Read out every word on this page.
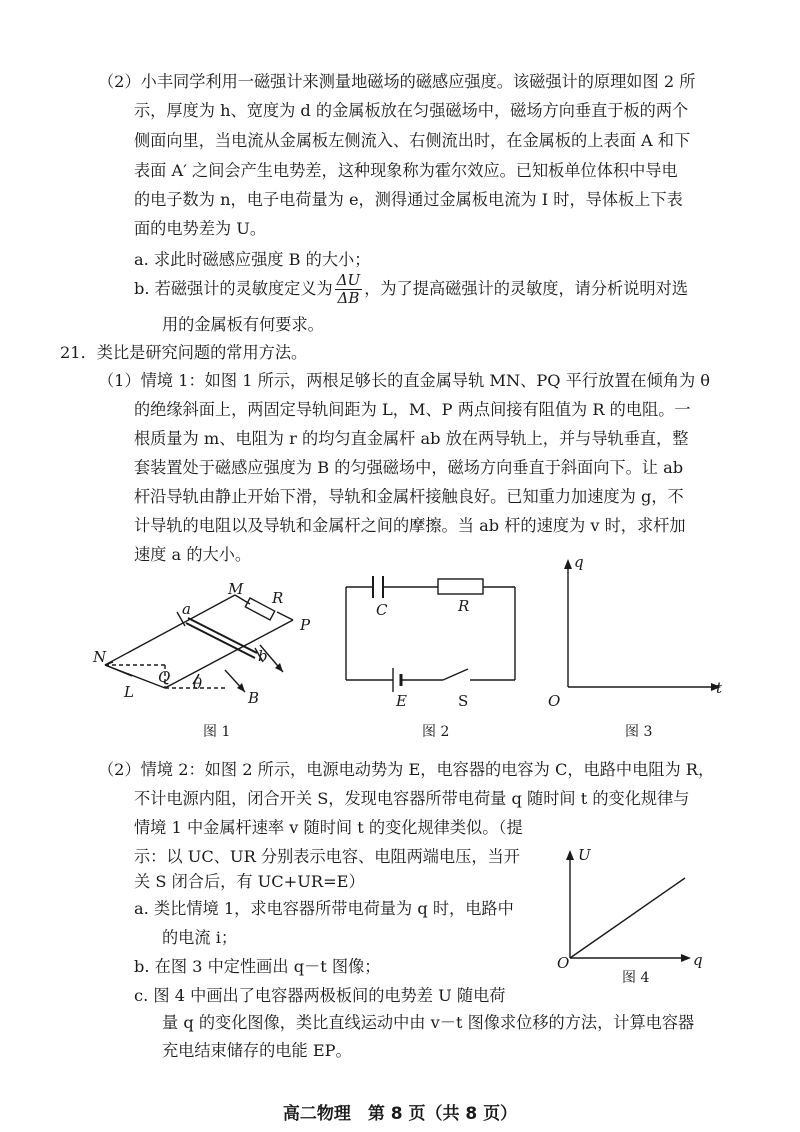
（2）小丰同学利用一磁强计来测量地磁场的磁感应强度。该磁强计的原理如图 2 所
示，厚度为 h、宽度为 d 的金属板放在匀强磁场中，磁场方向垂直于板的两个
侧面向里，当电流从金属板左侧流入、右侧流出时，在金属板的上表面 A 和下
表面 A′ 之间会产生电势差，这种现象称为霍尔效应。已知板单位体积中导电
的电子数为 n，电子电荷量为 e，测得通过金属板电流为 I 时，导体板上下表
面的电势差为 U。
a. 求此时磁感应强度 B 的大小；
b. 若磁强计的灵敏度定义为 $\frac{\Delta U}{\Delta B}$ ，为了提高磁强计的灵敏度，请分析说明对选
用的金属板有何要求。
21．类比是研究问题的常用方法。
（1）情境 1：如图 1 所示，两根足够长的直金属导轨 MN、PQ 平行放置在倾角为 θ
的绝缘斜面上，两固定导轨间距为 L，M、P 两点间接有阻值为 R 的电阻。一
根质量为 m、电阻为 r 的均匀直金属杆 ab 放在两导轨上，并与导轨垂直，整
套装置处于磁感应强度为 B 的匀强磁场中，磁场方向垂直于斜面向下。让 ab
杆沿导轨由静止开始下滑，导轨和金属杆接触良好。已知重力加速度为 g，不
计导轨的电阻以及导轨和金属杆之间的摩擦。当 ab 杆的速度为 v 时，求杆加
速度 a 的大小。
M R
a
P
N
Q
b
L	θ
B
图 1
C	R
E	S
图 2
q
t
O
图 3
（2）情境 2：如图 2 所示，电源电动势为 E，电容器的电容为 C，电路中电阻为 R，
不计电源内阻，闭合开关 S，发现电容器所带电荷量 q 随时间 t 的变化规律与
情境 1 中金属杆速率 v 随时间 t 的变化规律类似。（提
示：以 UC、UR 分别表示电容、电阻两端电压，当开
关 S 闭合后，有 UC+UR=E）
a. 类比情境 1，求电容器所带电荷量为 q 时，电路中
的电流 i；
b. 在图 3 中定性画出 q－t 图像；
c. 图 4 中画出了电容器两极板间的电势差 U 随电荷
量 q 的变化图像，类比直线运动中由 v－t 图像求位移的方法，计算电容器
充电结束储存的电能 EP。
U
q
O
图 4
高二物理　第 8 页（共 8 页）
